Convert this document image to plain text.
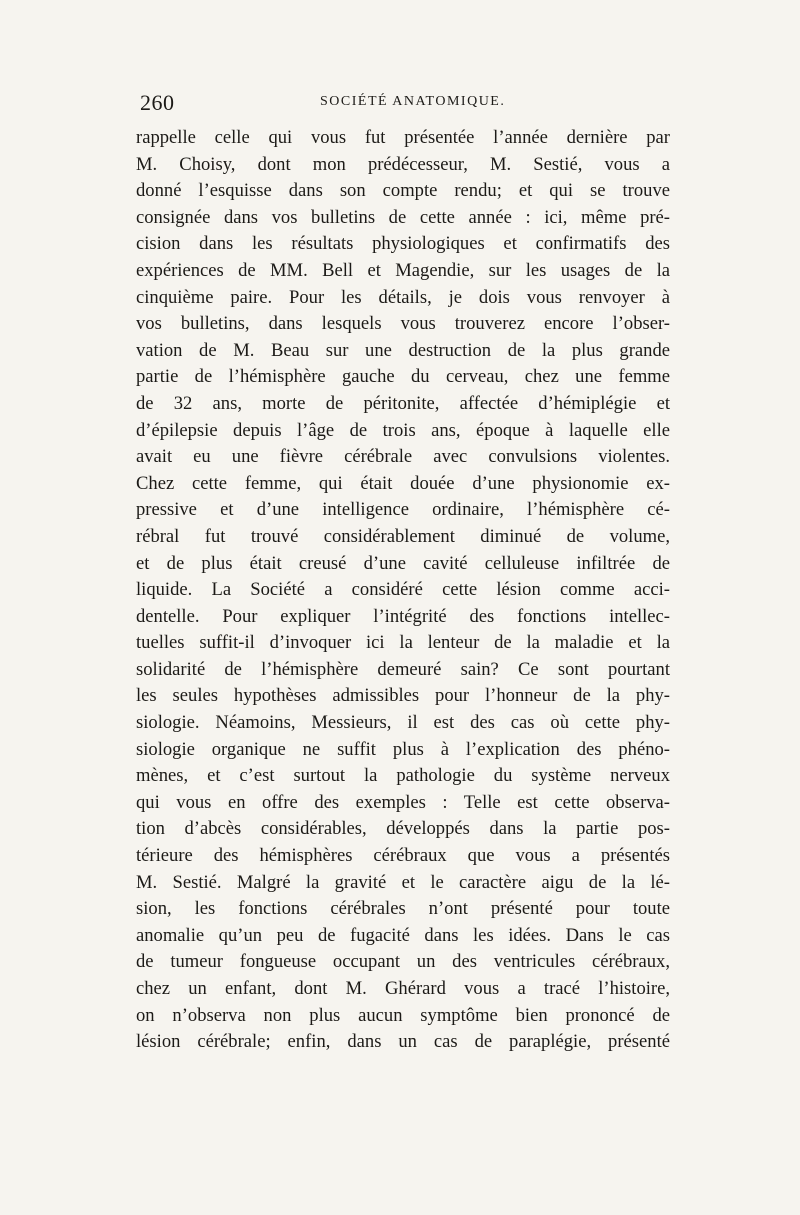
260	SOCIÉTÉ ANATOMIQUE.
rappelle celle qui vous fut présentée l’année dernière par
M. Choisy, dont mon prédécesseur, M. Sestié, vous a
donné l’esquisse dans son compte rendu; et qui se trouve
consignée dans vos bulletins de cette année : ici, même pré-
cision dans les résultats physiologiques et confirmatifs des
expériences de MM. Bell et Magendie, sur les usages de la
cinquième paire. Pour les détails, je dois vous renvoyer à
vos bulletins, dans lesquels vous trouverez encore l’obser-
vation de M. Beau sur une destruction de la plus grande
partie de l’hémisphère gauche du cerveau, chez une femme
de 32 ans, morte de péritonite, affectée d’hémiplégie et
d’épilepsie depuis l’âge de trois ans, époque à laquelle elle
avait eu une fièvre cérébrale avec convulsions violentes.
Chez cette femme, qui était douée d’une physionomie ex-
pressive et d’une intelligence ordinaire, l’hémisphère cé-
rébral fut trouvé considérablement diminué de volume,
et de plus était creusé d’une cavité celluleuse infiltrée de
liquide. La Société a considéré cette lésion comme acci-
dentelle. Pour expliquer l’intégrité des fonctions intellec-
tuelles suffit-il d’invoquer ici la lenteur de la maladie et la
solidarité de l’hémisphère demeuré sain? Ce sont pourtant
les seules hypothèses admissibles pour l’honneur de la phy-
siologie. Néamoins, Messieurs, il est des cas où cette phy-
siologie organique ne suffit plus à l’explication des phéno-
mènes, et c’est surtout la pathologie du système nerveux
qui vous en offre des exemples : Telle est cette observa-
tion d’abcès considérables, développés dans la partie pos-
térieure des hémisphères cérébraux que vous a présentés
M. Sestié. Malgré la gravité et le caractère aigu de la lé-
sion, les fonctions cérébrales n’ont présenté pour toute
anomalie qu’un peu de fugacité dans les idées. Dans le cas
de tumeur fongueuse occupant un des ventricules cérébraux,
chez un enfant, dont M. Ghérard vous a tracé l’histoire,
on n’observa non plus aucun symptôme bien prononcé de
lésion cérébrale; enfin, dans un cas de paraplégie, présenté
